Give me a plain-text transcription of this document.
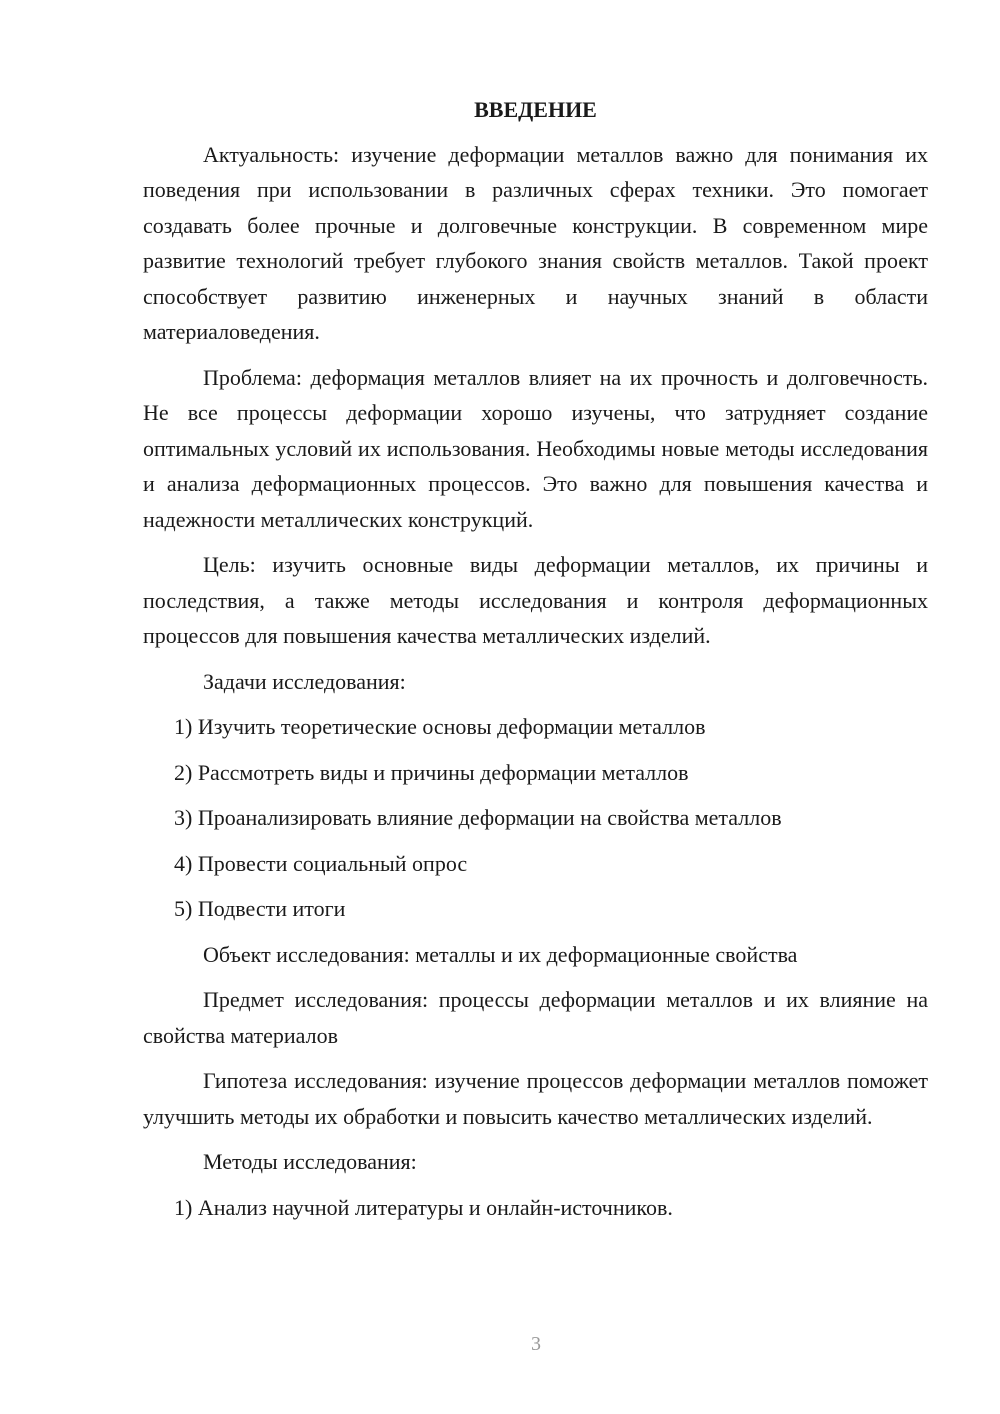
ВВЕДЕНИЕ

Актуальность: изучение деформации металлов важно для понимания их поведения при использовании в различных сферах техники. Это помогает создавать более прочные и долговечные конструкции. В современном мире развитие технологий требует глубокого знания свойств металлов. Такой проект способствует развитию инженерных и научных знаний в области материаловедения.

Проблема: деформация металлов влияет на их прочность и долговечность. Не все процессы деформации хорошо изучены, что затрудняет создание оптимальных условий их использования. Необходимы новые методы исследования и анализа деформационных процессов. Это важно для повышения качества и надежности металлических конструкций.

Цель: изучить основные виды деформации металлов, их причины и последствия, а также методы исследования и контроля деформационных процессов для повышения качества металлических изделий.

Задачи исследования:

1) Изучить теоретические основы деформации металлов
2) Рассмотреть виды и причины деформации металлов
3) Проанализировать влияние деформации на свойства металлов
4) Провести социальный опрос
5) Подвести итоги

Объект исследования: металлы и их деформационные свойства

Предмет исследования: процессы деформации металлов и их влияние на свойства материалов

Гипотеза исследования: изучение процессов деформации металлов поможет улучшить методы их обработки и повысить качество металлических изделий.

Методы исследования:

1) Анализ научной литературы и онлайн-источников.
3
